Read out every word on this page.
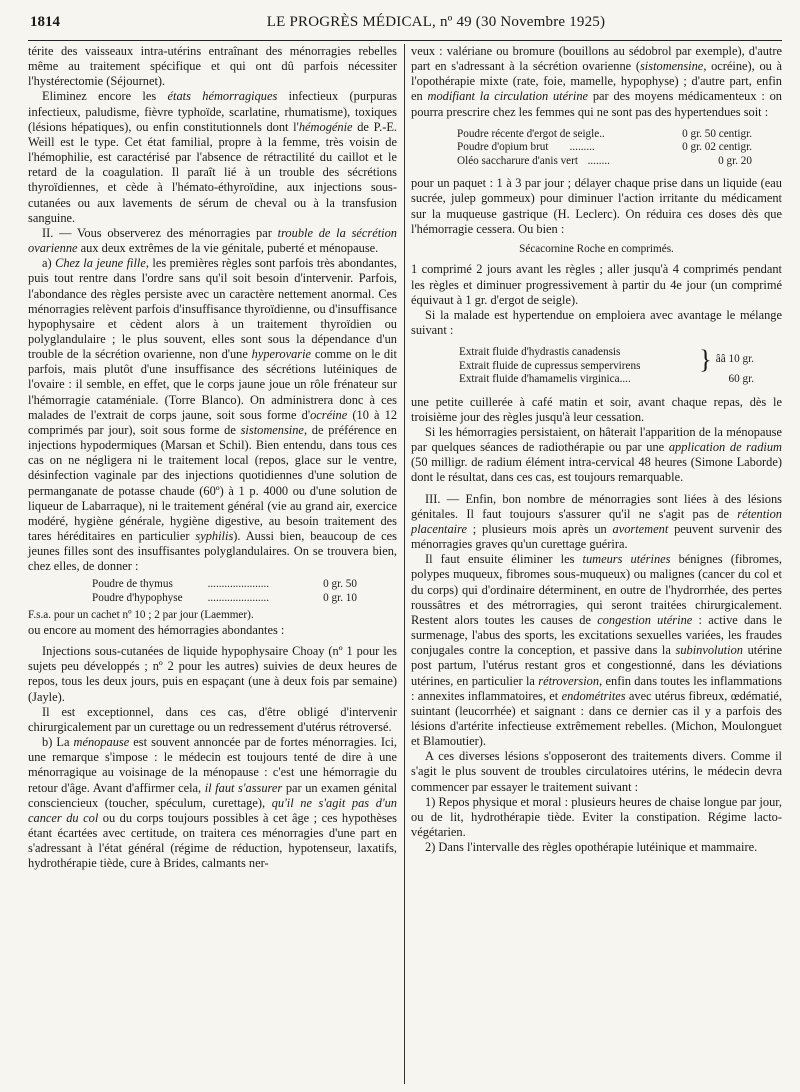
1814	LE PROGRÈS MÉDICAL, nº 49 (30 Novembre 1925)

térite des vaisseaux intra-utérins entraînant des ménorragies rebelles même au traitement spécifique et qui ont dû parfois nécessiter l'hystérectomie (Séjournet).

Eliminez encore les états hémorragiques infectieux (purpuras infectieux, paludisme, fièvre typhoïde, scarlatine, rhumatisme), toxiques (lésions hépatiques), ou enfin constitutionnels dont l'hémogénie de P.-E. Weill est le type. Cet état familial, propre à la femme, très voisin de l'hémophilie, est caractérisé par l'absence de rétractilité du caillot et le retard de la coagulation. Il paraît lié à un trouble des sécrétions thyroïdiennes, et cède à l'hémato-éthyroïdine, aux injections sous-cutanées ou aux lavements de sérum de cheval ou à la transfusion sanguine.

II. — Vous observerez des ménorragies par trouble de la sécrétion ovarienne aux deux extrêmes de la vie génitale, puberté et ménopause.

a) Chez la jeune fille, les premières règles sont parfois très abondantes, puis tout rentre dans l'ordre sans qu'il soit besoin d'intervenir. Parfois, l'abondance des règles persiste avec un caractère nettement anormal. Ces ménorragies relèvent parfois d'insuffisance thyroïdienne, ou d'insuffisance hypophysaire et cèdent alors à un traitement thyroïdien ou polyglandulaire ; le plus souvent, elles sont sous la dépendance d'un trouble de la sécrétion ovarienne, non d'une hyperovarie comme on le dit parfois, mais plutôt d'une insuffisance des sécrétions lutéiniques de l'ovaire : il semble, en effet, que le corps jaune joue un rôle frénateur sur l'hémorragie cataméniale. (Torre Blanco). On administrera donc à ces malades de l'extrait de corps jaune, soit sous forme d'ocréine (10 à 12 comprimés par jour), soit sous forme de sistomensine, de préférence en injections hypodermiques (Marsan et Schil). Bien entendu, dans tous ces cas on ne négligera ni le traitement local (repos, glace sur le ventre, désinfection vaginale par des injections quotidiennes d'une solution de permanganate de potasse chaude (60º) à 1 p. 4000 ou d'une solution de liqueur de Labarraque), ni le traitement général (vie au grand air, exercice modéré, hygiène générale, hygiène digestive, au besoin traitement des tares héréditaires en particulier syphilis). Aussi bien, beaucoup de ces jeunes filles sont des insuffisantes polyglandulaires. On se trouvera bien, chez elles, de donner :

Poudre de thymus	......................	0 gr. 50
Poudre d'hypophyse	......................	0 gr. 10

F.s.a. pour un cachet nº 10 ; 2 par jour (Laemmer).

ou encore au moment des hémorragies abondantes :

Injections sous-cutanées de liquide hypophysaire Choay (nº 1 pour les sujets peu développés ; nº 2 pour les autres) suivies de deux heures de repos, tous les deux jours, puis en espaçant (une à deux fois par semaine) (Jayle).

Il est exceptionnel, dans ces cas, d'être obligé d'intervenir chirurgicalement par un curettage ou un redressement d'utérus rétroversé.

b) La ménopause est souvent annoncée par de fortes ménorragies. Ici, une remarque s'impose : le médecin est toujours tenté de dire à une ménorragique au voisinage de la ménopause : c'est une hémorragie du retour d'âge. Avant d'affirmer cela, il faut s'assurer par un examen génital consciencieux (toucher, spéculum, curettage), qu'il ne s'agit pas d'un cancer du col ou du corps toujours possibles à cet âge ; ces hypothèses étant écartées avec certitude, on traitera ces ménorragies d'une part en s'adressant à l'état général (régime de réduction, hypotenseur, laxatifs, hydrothérapie tiède, cure à Brides, calmants ner-

veux : valériane ou bromure (bouillons au sédobrol par exemple), d'autre part en s'adressant à la sécrétion ovarienne (sistomensine, ocréine), ou à l'opothérapie mixte (rate, foie, mamelle, hypophyse) ; d'autre part, enfin en modifiant la circulation utérine par des moyens médicamenteux : on pourra prescrire chez les femmes qui ne sont pas des hypertendues soit :

Poudre récente d'ergot de seigle..	0 gr. 50 centigr.
Poudre d'opium brut	.........	0 gr. 02 centigr.
Oléo saccharure d'anis vert ........	0 gr. 20

pour un paquet : 1 à 3 par jour ; délayer chaque prise dans un liquide (eau sucrée, julep gommeux) pour diminuer l'action irritante du médicament sur la muqueuse gastrique (H. Leclerc). On réduira ces doses dès que l'hémorragie cessera. Ou bien :

Sécacornine Roche en comprimés.

1 comprimé 2 jours avant les règles ; aller jusqu'à 4 comprimés pendant les règles et diminuer progressivement à partir du 4e jour (un comprimé équivaut à 1 gr. d'ergot de seigle).

Si la malade est hypertendue on emploiera avec avantage le mélange suivant :

Extrait fluide d'hydrastis canadensis
Extrait fluide de cupressus sempervirens	} ââ 10 gr.
Extrait fluide d'hamamelis virginica....	60 gr.

une petite cuillerée à café matin et soir, avant chaque repas, dès le troisième jour des règles jusqu'à leur cessation.

Si les hémorragies persistaient, on hâterait l'apparition de la ménopause par quelques séances de radiothérapie ou par une application de radium (50 milligr. de radium élément intra-cervical 48 heures (Simone Laborde) dont le résultat, dans ces cas, est toujours remarquable.

III. — Enfin, bon nombre de ménorragies sont liées à des lésions génitales. Il faut toujours s'assurer qu'il ne s'agit pas de rétention placentaire ; plusieurs mois après un avortement peuvent survenir des ménorragies graves qu'un curettage guérira.

Il faut ensuite éliminer les tumeurs utérines bénignes (fibromes, polypes muqueux, fibromes sous-muqueux) ou malignes (cancer du col et du corps) qui d'ordinaire déterminent, en outre de l'hydrorrhée, des pertes roussâtres et des métrorragies, qui seront traitées chirurgicalement. Restent alors toutes les causes de congestion utérine : active dans le surmenage, l'abus des sports, les excitations sexuelles variées, les fraudes conjugales contre la conception, et passive dans la subinvolution utérine post partum, l'utérus restant gros et congestionné, dans les déviations utérines, en particulier la rétroversion, enfin dans toutes les inflammations : annexites inflammatoires, et endométrites avec utérus fibreux, œdématié, suintant (leucorrhée) et saignant : dans ce dernier cas il y a parfois des lésions d'artérite infectieuse extrêmement rebelles. (Michon, Moulonguet et Blamoutier).

A ces diverses lésions s'opposeront des traitements divers. Comme il s'agit le plus souvent de troubles circulatoires utérins, le médecin devra commencer par essayer le traitement suivant :

1) Repos physique et moral : plusieurs heures de chaise longue par jour, ou de lit, hydrothérapie tiède. Eviter la constipation. Régime lacto-végétarien.

2) Dans l'intervalle des règles opothérapie lutéinique et mammaire.
